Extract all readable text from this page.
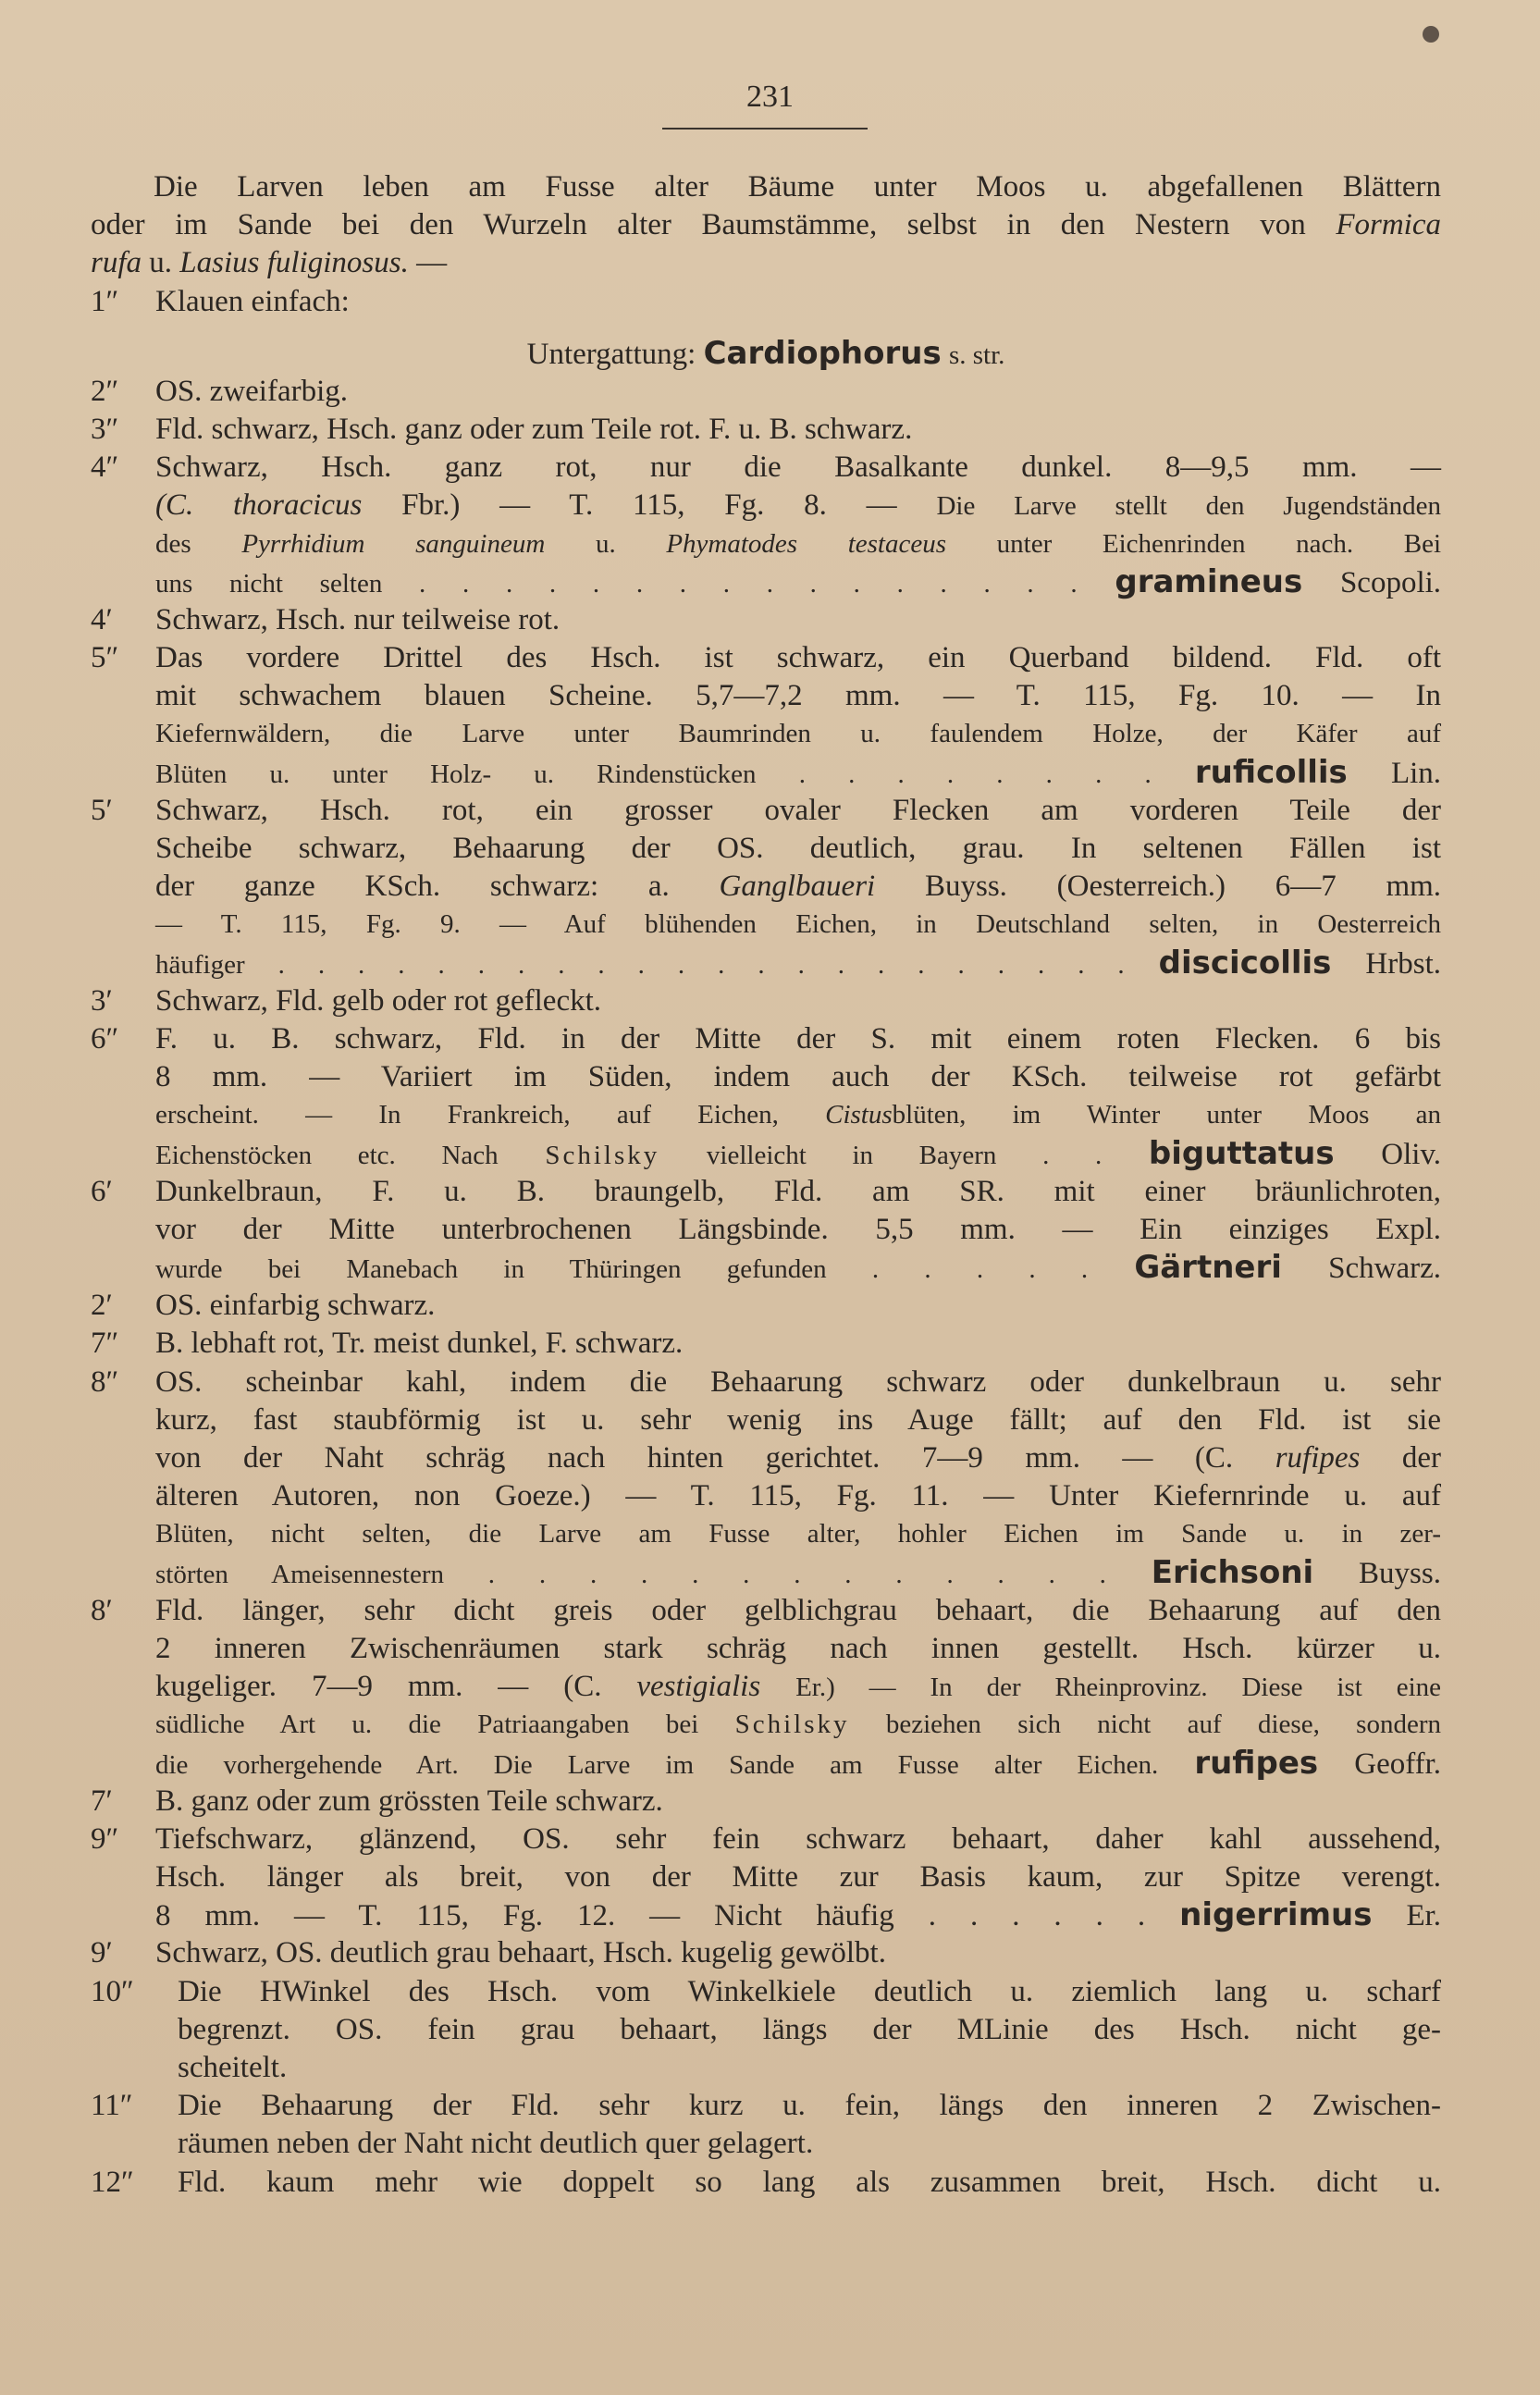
231
Die Larven leben am Fusse alter Bäume unter Moos u. abgefallenen Blättern
oder im Sande bei den Wurzeln alter Baumstämme, selbst in den Nestern von Formica
rufa u. Lasius fuliginosus. —
1″	Klauen einfach:
Untergattung: Cardiophorus s. str.
2″	OS. zweifarbig.
3″	Fld. schwarz, Hsch. ganz oder zum Teile rot. F. u. B. schwarz.
4″	Schwarz, Hsch. ganz rot, nur die Basalkante dunkel. 8—9,5 mm. —
(C. thoracicus Fbr.) — T. 115, Fg. 8. — Die Larve stellt den Jugendständen
des Pyrrhidium sanguineum u. Phymatodes testaceus unter Eichenrinden nach. Bei
uns nicht selten . . . . . . . . . . . . . . . . gramineus Scopoli.
4′	Schwarz, Hsch. nur teilweise rot.
5″	Das vordere Drittel des Hsch. ist schwarz, ein Querband bildend. Fld. oft
mit schwachem blauen Scheine. 5,7—7,2 mm. — T. 115, Fg. 10. — In
Kiefernwäldern, die Larve unter Baumrinden u. faulendem Holze, der Käfer auf
Blüten u. unter Holz- u. Rindenstücken . . . . . . . . ruficollis Lin.
5′	Schwarz, Hsch. rot, ein grosser ovaler Flecken am vorderen Teile der
Scheibe schwarz, Behaarung der OS. deutlich, grau. In seltenen Fällen ist
der ganze KSch. schwarz: a. Ganglbaueri Buyss. (Oesterreich.) 6—7 mm.
— T. 115, Fg. 9. — Auf blühenden Eichen, in Deutschland selten, in Oesterreich
häufiger . . . . . . . . . . . . . . . . . . . . . . discicollis Hrbst.
3′	Schwarz, Fld. gelb oder rot gefleckt.
6″	F. u. B. schwarz, Fld. in der Mitte der S. mit einem roten Flecken. 6 bis
8 mm. — Variiert im Süden, indem auch der KSch. teilweise rot gefärbt
erscheint. — In Frankreich, auf Eichen, Cistusblüten, im Winter unter Moos an
Eichenstöcken etc. Nach Schilsky vielleicht in Bayern . . biguttatus Oliv.
6′	Dunkelbraun, F. u. B. braungelb, Fld. am SR. mit einer bräunlichroten,
vor der Mitte unterbrochenen Längsbinde. 5,5 mm. — Ein einziges Expl.
wurde bei Manebach in Thüringen gefunden . . . . . Gärtneri Schwarz.
2′	OS. einfarbig schwarz.
7″	B. lebhaft rot, Tr. meist dunkel, F. schwarz.
8″	OS. scheinbar kahl, indem die Behaarung schwarz oder dunkelbraun u. sehr
kurz, fast staubförmig ist u. sehr wenig ins Auge fällt; auf den Fld. ist sie
von der Naht schräg nach hinten gerichtet. 7—9 mm. — (C. rufipes der
älteren Autoren, non Goeze.) — T. 115, Fg. 11. — Unter Kiefernrinde u. auf
Blüten, nicht selten, die Larve am Fusse alter, hohler Eichen im Sande u. in zer-
störten Ameisennestern . . . . . . . . . . . . . Erichsoni Buyss.
8′	Fld. länger, sehr dicht greis oder gelblichgrau behaart, die Behaarung auf den
2 inneren Zwischenräumen stark schräg nach innen gestellt. Hsch. kürzer u.
kugeliger. 7—9 mm. — (C. vestigialis Er.) — In der Rheinprovinz. Diese ist eine
südliche Art u. die Patriaangaben bei Schilsky beziehen sich nicht auf diese, sondern
die vorhergehende Art. Die Larve im Sande am Fusse alter Eichen. rufipes Geoffr.
7′	B. ganz oder zum grössten Teile schwarz.
9″	Tiefschwarz, glänzend, OS. sehr fein schwarz behaart, daher kahl aussehend,
Hsch. länger als breit, von der Mitte zur Basis kaum, zur Spitze verengt.
8 mm. — T. 115, Fg. 12. — Nicht häufig . . . . . . nigerrimus Er.
9′	Schwarz, OS. deutlich grau behaart, Hsch. kugelig gewölbt.
10″	Die HWinkel des Hsch. vom Winkelkiele deutlich u. ziemlich lang u. scharf
begrenzt. OS. fein grau behaart, längs der MLinie des Hsch. nicht ge-
scheitelt.
11″	Die Behaarung der Fld. sehr kurz u. fein, längs den inneren 2 Zwischen-
räumen neben der Naht nicht deutlich quer gelagert.
12″	Fld. kaum mehr wie doppelt so lang als zusammen breit, Hsch. dicht u.
